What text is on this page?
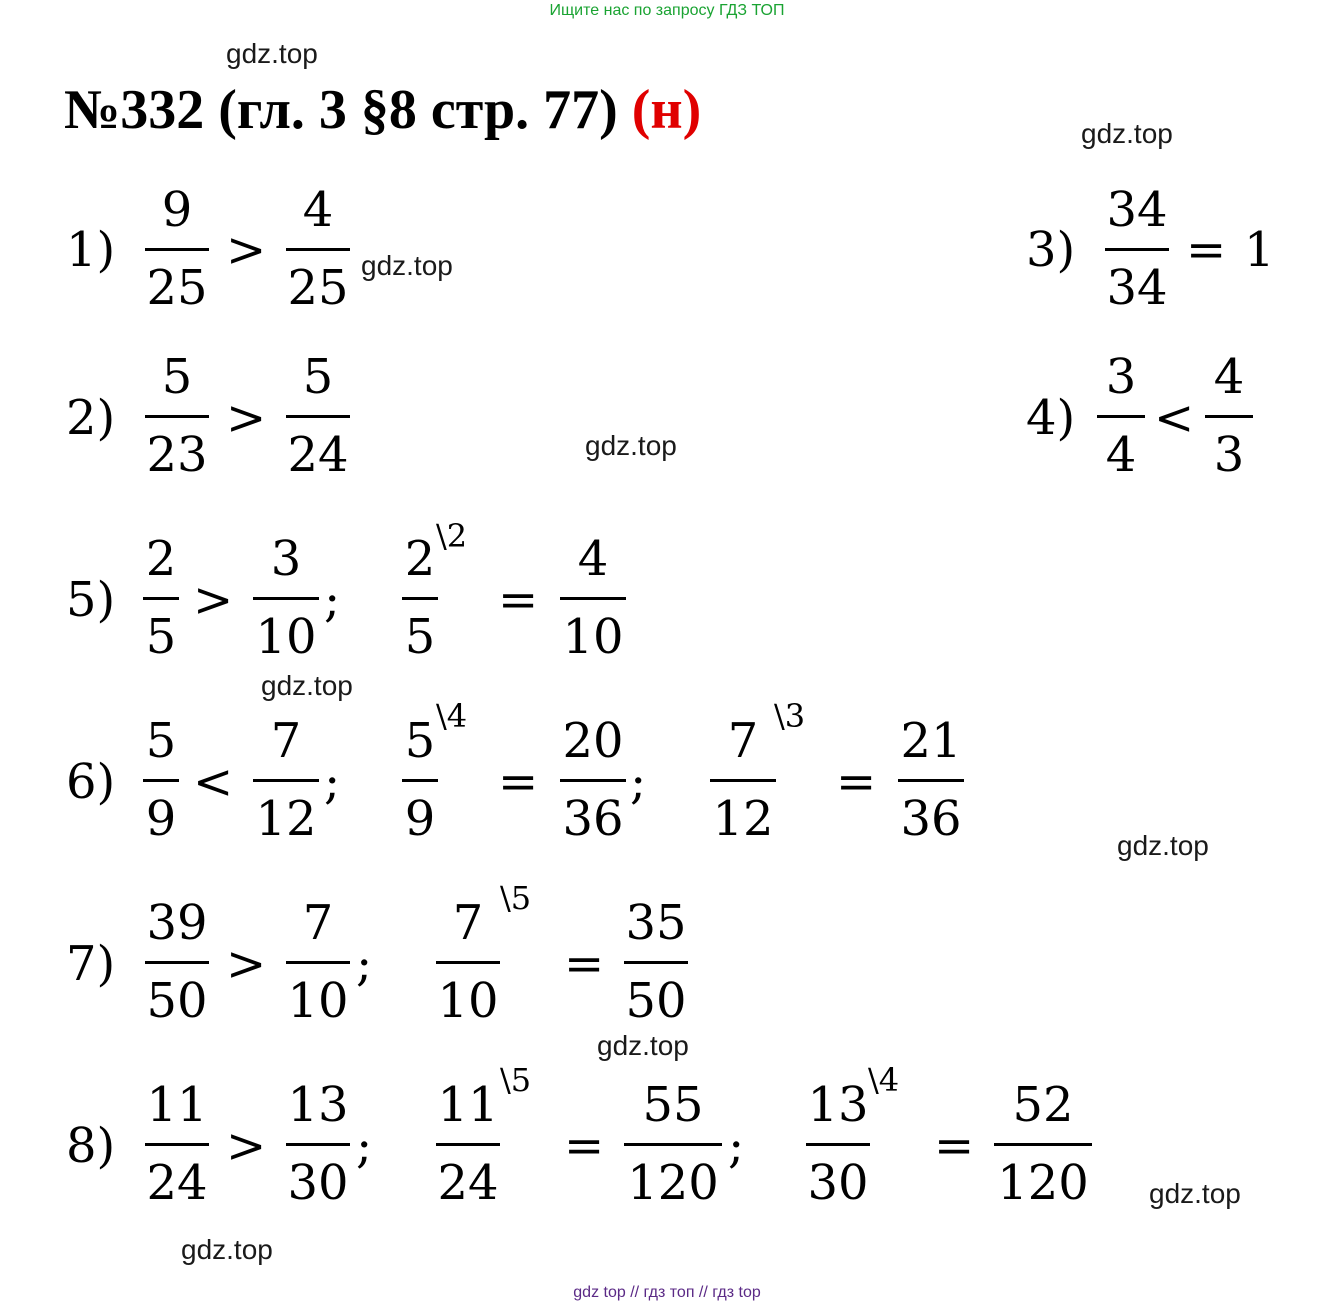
Ищите нас по запросу ГДЗ ТОП
№332 (гл. 3 §8 стр. 77) (н)
gdz.top
gdz.top
gdz.top
gdz.top
gdz.top
gdz.top
gdz.top
gdz.top
gdz.top
1)
9
25
>
4
25
2)
5
23
>
5
24
3)
34
34
= 1
4)
3
4
<
4
3
5)
2
5
>
3
10
;
2
5
\2
=
4
10
6)
5
9
<
7
12
;
5
9
\4
=
20
36
;
7
12
\3
=
21
36
7)
39
50
>
7
10
;
7
10
\5
=
35
50
8)
11
24
>
13
30
;
11
24
\5
=
55
120
;
13
30
\4
=
52
120
gdz top // гдз топ // гдз top
